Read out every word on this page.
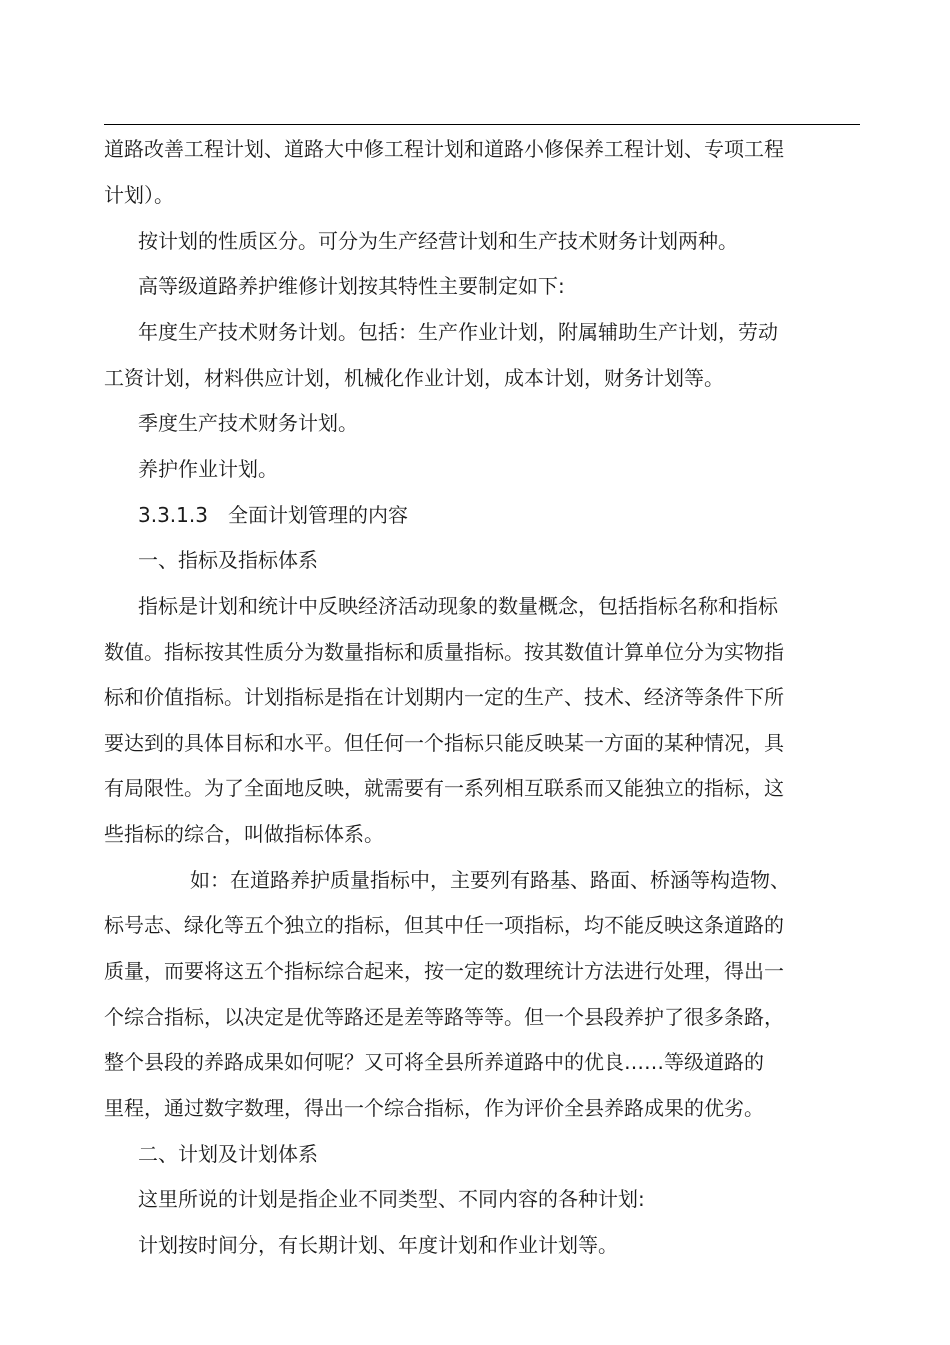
道路改善工程计划、道路大中修工程计划和道路小修保养工程计划、专项工程
计划）。
按计划的性质区分。可分为生产经营计划和生产技术财务计划两种。
高等级道路养护维修计划按其特性主要制定如下:
年度生产技术财务计划。包括：生产作业计划，附属辅助生产计划，劳动
工资计划，材料供应计划，机械化作业计划，成本计划，财务计划等。
季度生产技术财务计划。
养护作业计划。
3.3.1.3　全面计划管理的内容
一、指标及指标体系
指标是计划和统计中反映经济活动现象的数量概念，包括指标名称和指标
数值。指标按其性质分为数量指标和质量指标。按其数值计算单位分为实物指
标和价值指标。计划指标是指在计划期内一定的生产、技术、经济等条件下所
要达到的具体目标和水平。但任何一个指标只能反映某一方面的某种情况，具
有局限性。为了全面地反映，就需要有一系列相互联系而又能独立的指标，这
些指标的综合，叫做指标体系。
如：在道路养护质量指标中，主要列有路基、路面、桥涵等构造物、
标号志、绿化等五个独立的指标，但其中任一项指标，均不能反映这条道路的
质量，而要将这五个指标综合起来，按一定的数理统计方法进行处理，得出一
个综合指标，以决定是优等路还是差等路等等。但一个县段养护了很多条路，
整个县段的养路成果如何呢？又可将全县所养道路中的优良……等级道路的
里程，通过数字数理，得出一个综合指标，作为评价全县养路成果的优劣。
二、计划及计划体系
这里所说的计划是指企业不同类型、不同内容的各种计划:
计划按时间分，有长期计划、年度计划和作业计划等。
